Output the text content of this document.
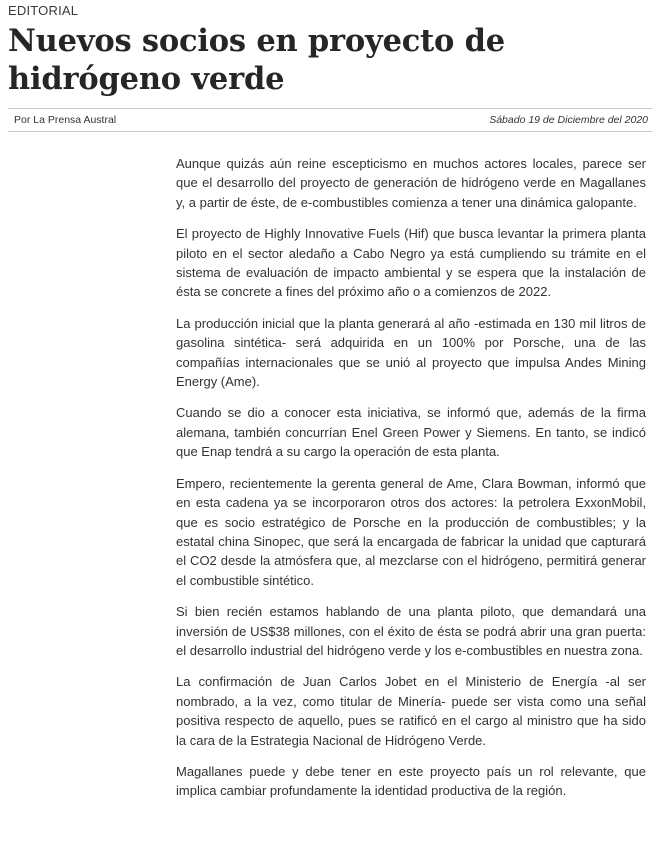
EDITORIAL
Nuevos socios en proyecto de hidrógeno verde
Por La Prensa Austral	Sábado 19 de Diciembre del 2020

Aunque quizás aún reine escepticismo en muchos actores locales, parece ser que el desarrollo del proyecto de generación de hidrógeno verde en Magallanes y, a partir de éste, de e-combustibles comienza a tener una dinámica galopante.

El proyecto de Highly Innovative Fuels (Hif) que busca levantar la primera planta piloto en el sector aledaño a Cabo Negro ya está cumpliendo su trámite en el sistema de evaluación de impacto ambiental y se espera que la instalación de ésta se concrete a fines del próximo año o a comienzos de 2022.

La producción inicial que la planta generará al año -estimada en 130 mil litros de gasolina sintética- será adquirida en un 100% por Porsche, una de las compañías internacionales que se unió al proyecto que impulsa Andes Mining Energy (Ame).

Cuando se dio a conocer esta iniciativa, se informó que, además de la firma alemana, también concurrían Enel Green Power y Siemens. En tanto, se indicó que Enap tendrá a su cargo la operación de esta planta.

Empero, recientemente la gerenta general de Ame, Clara Bowman, informó que en esta cadena ya se incorporaron otros dos actores: la petrolera ExxonMobil, que es socio estratégico de Porsche en la producción de combustibles; y la estatal china Sinopec, que será la encargada de fabricar la unidad que capturará el CO2 desde la atmósfera que, al mezclarse con el hidrógeno, permitirá generar el combustible sintético.

Si bien recién estamos hablando de una planta piloto, que demandará una inversión de US$38 millones, con el éxito de ésta se podrá abrir una gran puerta: el desarrollo industrial del hidrógeno verde y los e-combustibles en nuestra zona.

La confirmación de Juan Carlos Jobet en el Ministerio de Energía -al ser nombrado, a la vez, como titular de Minería- puede ser vista como una señal positiva respecto de aquello, pues se ratificó en el cargo al ministro que ha sido la cara de la Estrategia Nacional de Hidrógeno Verde.

Magallanes puede y debe tener en este proyecto país un rol relevante, que implica cambiar profundamente la identidad productiva de la región.
